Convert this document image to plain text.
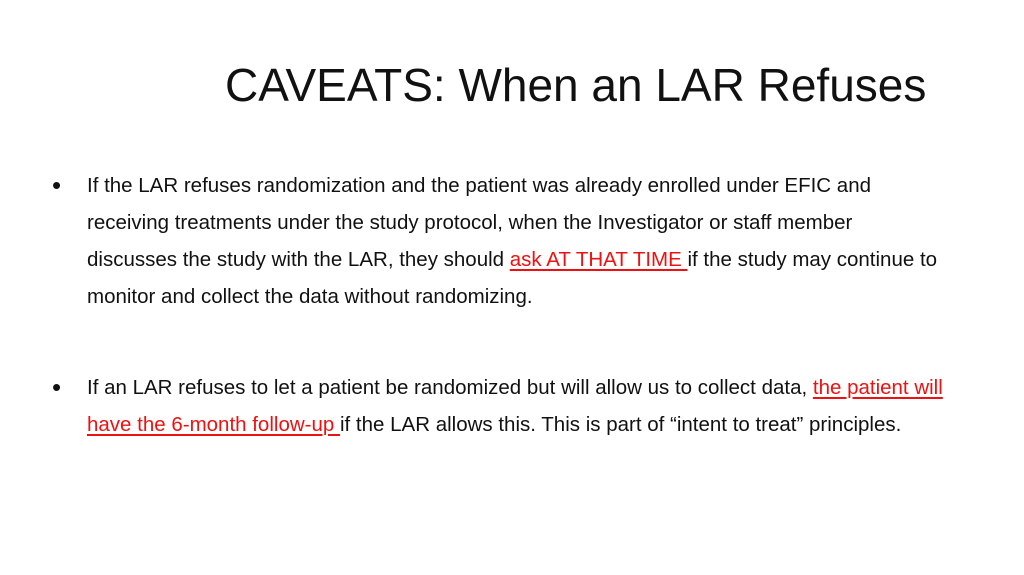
CAVEATS: When an LAR Refuses
• If the LAR refuses randomization and the patient was already enrolled under EFIC and receiving treatments under the study protocol, when the Investigator or staff member discusses the study with the LAR, they should ask AT THAT TIME if the study may continue to monitor and collect the data without randomizing.

• If an LAR refuses to let a patient be randomized but will allow us to collect data, the patient will have the 6-month follow-up if the LAR allows this. This is part of “intent to treat” principles.
